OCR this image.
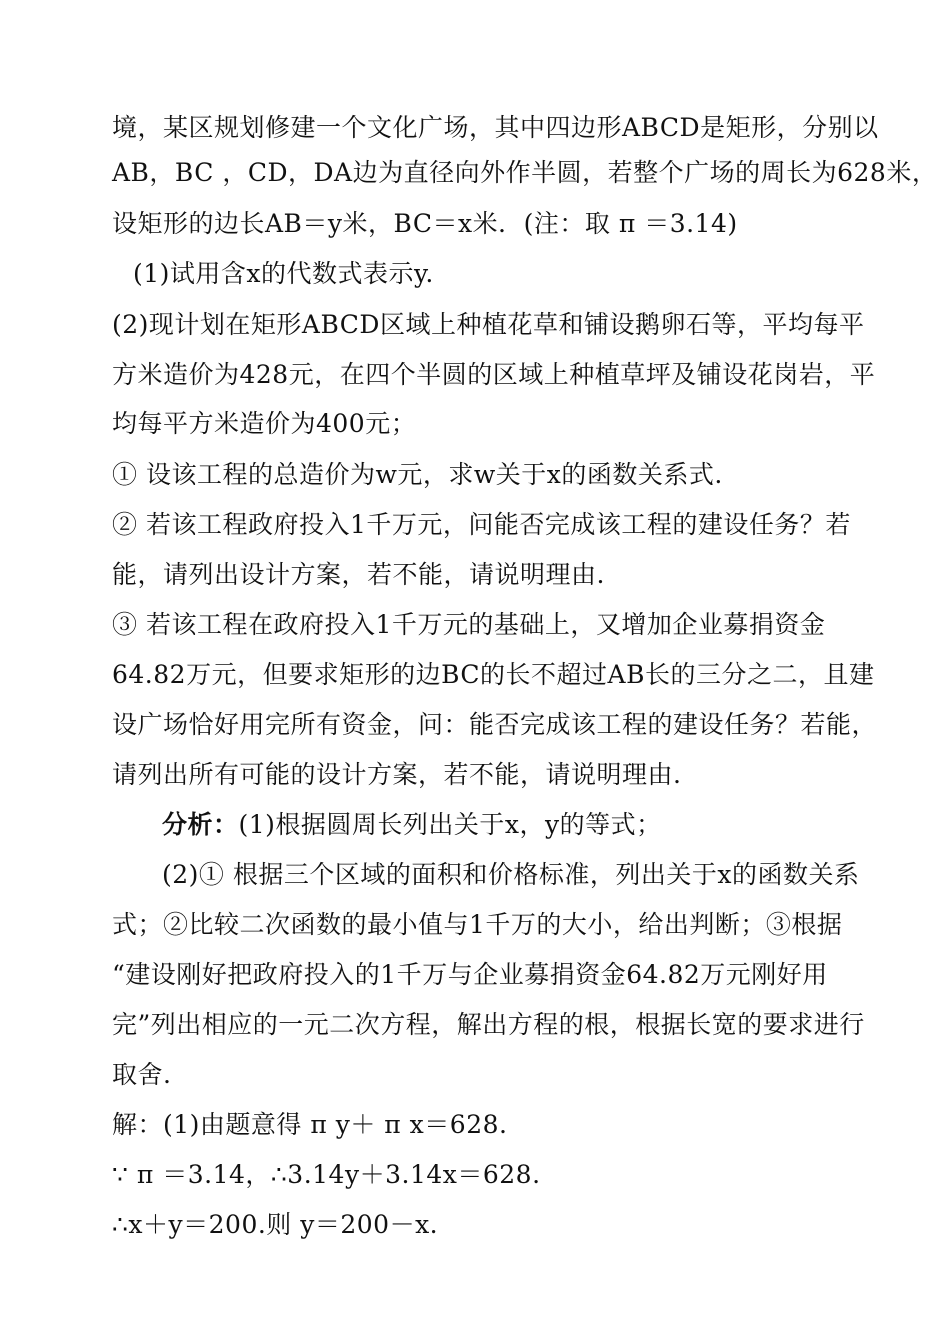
境，某区规划修建一个文化广场，其中四边形ABCD是矩形，分别以
AB，BC ，CD，DA边为直径向外作半圆，若整个广场的周长为628米，
设矩形的边长AB＝y米，BC＝x米．(注：取 π ＝3.14)
(1)试用含x的代数式表示y.
(2)现计划在矩形ABCD区域上种植花草和铺设鹅卵石等，平均每平
方米造价为428元，在四个半圆的区域上种植草坪及铺设花岗岩，平
均每平方米造价为400元；
① 设该工程的总造价为w元，求w关于x的函数关系式.
② 若该工程政府投入1千万元，问能否完成该工程的建设任务？若
能，请列出设计方案，若不能，请说明理由.
③ 若该工程在政府投入1千万元的基础上，又增加企业募捐资金
64.82万元，但要求矩形的边BC的长不超过AB长的三分之二，且建
设广场恰好用完所有资金，问：能否完成该工程的建设任务？若能，
请列出所有可能的设计方案，若不能，请说明理由.
分析：(1)根据圆周长列出关于x，y的等式；
(2)① 根据三个区域的面积和价格标准，列出关于x的函数关系
式；②比较二次函数的最小值与1千万的大小，给出判断；③根据
“建设刚好把政府投入的1千万与企业募捐资金64.82万元刚好用
完”列出相应的一元二次方程，解出方程的根，根据长宽的要求进行
取舍.
解：(1)由题意得 π y＋ π x＝628.
∵ π ＝3.14，∴3.14y＋3.14x＝628.
∴x＋y＝200.则 y＝200－x.
